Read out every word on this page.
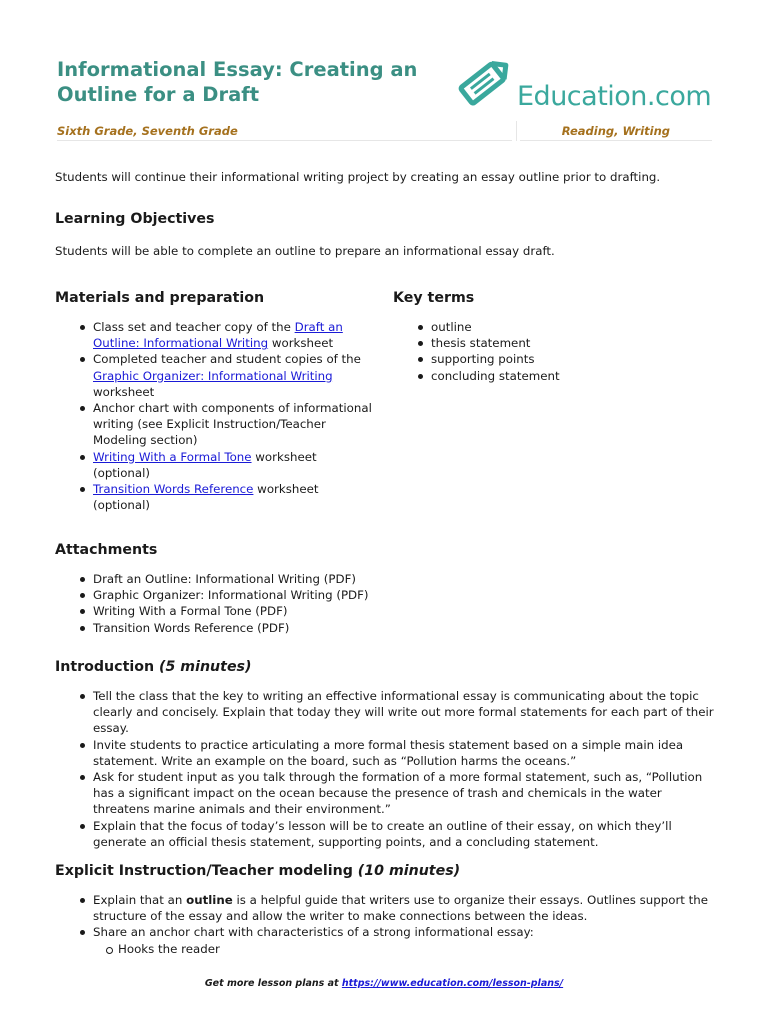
Informational Essay: Creating an
Outline for a Draft	Education.com
Sixth Grade, Seventh Grade	Reading, Writing

Students will continue their informational writing project by creating an essay outline prior to drafting.

Learning Objectives

Students will be able to complete an outline to prepare an informational essay draft.

Materials and preparation
Class set and teacher copy of the Draft an
Outline: Informational Writing worksheet
Completed teacher and student copies of the
Graphic Organizer: Informational Writing
worksheet
Anchor chart with components of informational
writing (see Explicit Instruction/Teacher
Modeling section)
Writing With a Formal Tone worksheet
(optional)
Transition Words Reference worksheet
(optional)
Key terms
outline
thesis statement
supporting points
concluding statement
Attachments
Draft an Outline: Informational Writing (PDF)
Graphic Organizer: Informational Writing (PDF)
Writing With a Formal Tone (PDF)
Transition Words Reference (PDF)
Introduction (5 minutes)
Tell the class that the key to writing an effective informational essay is communicating about the topic
clearly and concisely. Explain that today they will write out more formal statements for each part of their
essay.
Invite students to practice articulating a more formal thesis statement based on a simple main idea
statement. Write an example on the board, such as “Pollution harms the oceans.”
Ask for student input as you talk through the formation of a more formal statement, such as, “Pollution
has a significant impact on the ocean because the presence of trash and chemicals in the water
threatens marine animals and their environment.”
Explain that the focus of today’s lesson will be to create an outline of their essay, on which they’ll
generate an official thesis statement, supporting points, and a concluding statement.
Explicit Instruction/Teacher modeling (10 minutes)
Explain that an outline is a helpful guide that writers use to organize their essays. Outlines support the
structure of the essay and allow the writer to make connections between the ideas.
Share an anchor chart with characteristics of a strong informational essay:
Hooks the reader
Get more lesson plans at https://www.education.com/lesson-plans/
